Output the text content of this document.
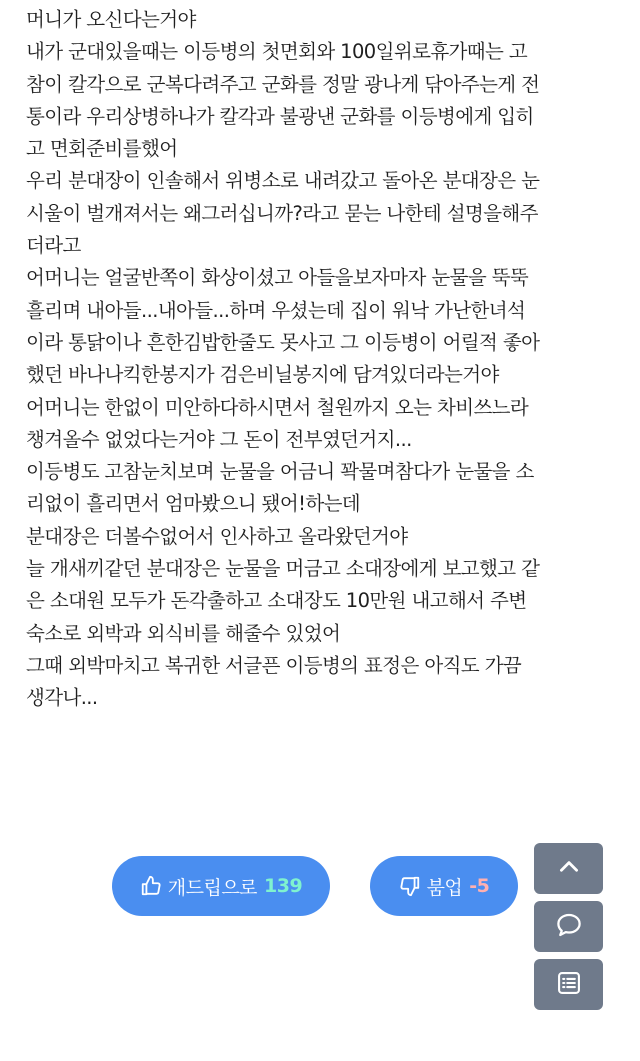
머니가 오신다는거야
내가 군대있을때는 이등병의 첫면회와 100일위로휴가때는 고
참이 칼각으로 군복다려주고 군화를 정말 광나게 닦아주는게 전
통이라 우리상병하나가 칼각과 불광낸 군화를 이등병에게 입히
고 면회준비를했어
우리 분대장이 인솔해서 위병소로 내려갔고 돌아온 분대장은 눈
시울이 벌개져서는 왜그러십니까?라고 묻는 나한테 설명을해주
더라고
어머니는 얼굴반쪽이 화상이셨고 아들을보자마자 눈물을 뚝뚝
흘리며 내아들...내아들...하며 우셨는데 집이 워낙 가난한녀석
이라 통닭이나 흔한김밥한줄도 못사고 그 이등병이 어릴적 좋아
했던 바나나킥한봉지가 검은비닐봉지에 담겨있더라는거야
어머니는 한없이 미안하다하시면서 철원까지 오는 차비쓰느라
챙겨올수 없었다는거야 그 돈이 전부였던거지...
이등병도 고참눈치보며 눈물을 어금니 꽉물며참다가 눈물을 소
리없이 흘리면서 엄마봤으니 됐어!하는데
분대장은 더볼수없어서 인사하고 올라왔던거야
늘 개새끼같던 분대장은 눈물을 머금고 소대장에게 보고했고 같
은 소대원 모두가 돈각출하고 소대장도 10만원 내고해서 주변
숙소로 외박과 외식비를 해줄수 있었어
그때 외박마치고 복귀한 서글픈 이등병의 표정은 아직도 가끔
생각나...
개드립으로 139	붐업 -5
